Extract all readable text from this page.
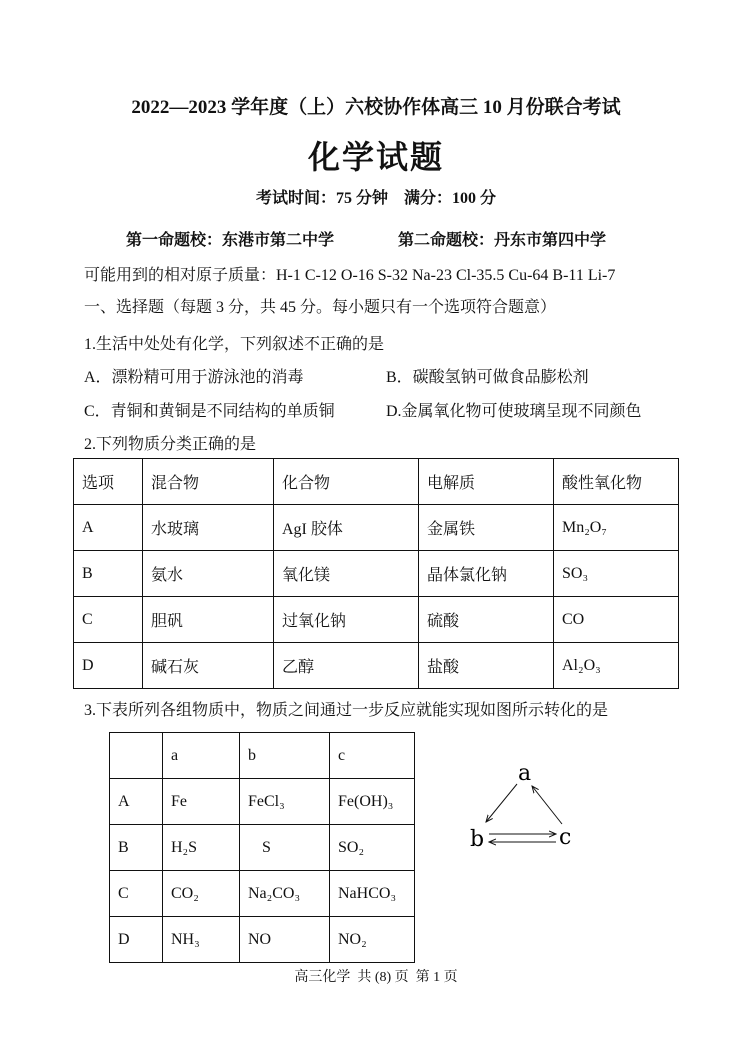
2022—2023 学年度（上）六校协作体高三 10 月份联合考试
化学试题
考试时间：75 分钟    满分：100 分
第一命题校：东港市第二中学	第二命题校：丹东市第四中学
可能用到的相对原子质量：H-1 C-12 O-16 S-32 Na-23 Cl-35.5 Cu-64 B-11 Li-7
一、选择题（每题 3 分，共 45 分。每小题只有一个选项符合题意）
1.生活中处处有化学，下列叙述不正确的是
A．漂粉精可用于游泳池的消毒	B．碳酸氢钠可做食品膨松剂
C．青铜和黄铜是不同结构的单质铜	D.金属氧化物可使玻璃呈现不同颜色
2.下列物质分类正确的是
选项	混合物	化合物	电解质	酸性氧化物
A	水玻璃	AgI 胶体	金属铁	Mn₂O₇
B	氨水	氧化镁	晶体氯化钠	SO₃
C	胆矾	过氧化钠	硫酸	CO
D	碱石灰	乙醇	盐酸	Al₂O₃
3.下表所列各组物质中，物质之间通过一步反应就能实现如图所示转化的是
	a	b	c
A	Fe	FeCl₃	Fe(OH)₃
B	H₂S	S	SO₂
C	CO₂	Na₂CO₃	NaHCO₃
D	NH₃	NO	NO₂
a
b	c
高三化学  共 (8) 页  第 1 页
